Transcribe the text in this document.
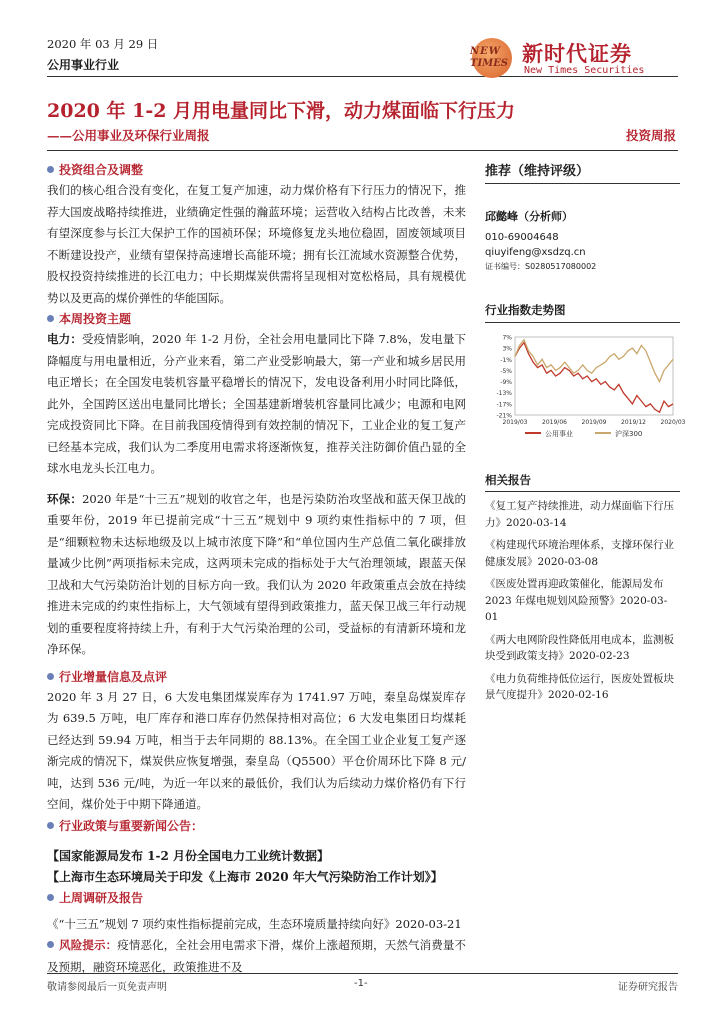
2020 年 03 月 29 日
公用事业行业
NEW
TIMES 新时代证券
New Times Securities
2020 年 1-2 月用电量同比下滑，动力煤面临下行压力
——公用事业及环保行业周报	投资周报

投资组合及调整

我们的核心组合没有变化，在复工复产加速，动力煤价格有下行压力的情况下，推荐大国废战略持续推进，业绩确定性强的瀚蓝环境；运营收入结构占比改善，未来有望深度参与长江大保护工作的国祯环保；环境修复龙头地位稳固，固废领域项目不断建设投产，业绩有望保持高速增长高能环境；拥有长江流域水资源整合优势，股权投资持续推进的长江电力；中长期煤炭供需将呈现相对宽松格局，具有规模优势以及更高的煤价弹性的华能国际。

本周投资主题

电力：受疫情影响，2020 年 1-2 月份，全社会用电量同比下降 7.8%，发电量下降幅度与用电量相近，分产业来看，第二产业受影响最大，第一产业和城乡居民用电正增长；在全国发电装机容量平稳增长的情况下，发电设备利用小时同比降低，此外，全国跨区送出电量同比增长；全国基建新增装机容量同比减少；电源和电网完成投资同比下降。在目前我国疫情得到有效控制的情况下，工业企业的复工复产已经基本完成，我们认为二季度用电需求将逐渐恢复，推荐关注防御价值凸显的全球水电龙头长江电力。

环保：2020 年是“十三五”规划的收官之年，也是污染防治攻坚战和蓝天保卫战的重要年份，2019 年已提前完成“十三五”规划中 9 项约束性指标中的 7 项，但是“细颗粒物未达标地级及以上城市浓度下降”和“单位国内生产总值二氧化碳排放量减少比例”两项指标未完成，这两项未完成的指标处于大气治理领域，跟蓝天保卫战和大气污染防治计划的目标方向一致。我们认为 2020 年政策重点会放在持续推进未完成的约束性指标上，大气领域有望得到政策推力，蓝天保卫战三年行动规划的重要程度将持续上升，有利于大气污染治理的公司，受益标的有清新环境和龙净环保。

行业增量信息及点评

2020 年 3 月 27 日，6 大发电集团煤炭库存为 1741.97 万吨，秦皇岛煤炭库存为 639.5 万吨，电厂库存和港口库存仍然保持相对高位；6 大发电集团日均煤耗已经达到 59.94 万吨，相当于去年同期的 88.13%。在全国工业企业复工复产逐渐完成的情况下，煤炭供应恢复增强，秦皇岛（Q5500）平仓价周环比下降 8 元/吨，达到 536 元/吨，为近一年以来的最低价，我们认为后续动力煤价格仍有下行空间，煤价处于中期下降通道。

行业政策与重要新闻公告：

【国家能源局发布 1-2 月份全国电力工业统计数据】

【上海市生态环境局关于印发《上海市 2020 年大气污染防治工作计划》】

上周调研及报告

《“十三五”规划 7 项约束性指标提前完成，生态环境质量持续向好》2020-03-21

风险提示：疫情恶化，全社会用电需求下滑，煤价上涨超预期，天然气消费量不及预期，融资环境恶化，政策推进不及

推荐（维持评级）

邱懿峰（分析师）
010-69004648
qiuyifeng@xsdzq.cn
证书编号：S0280517080002
行业指数走势图
7%
3%
-1%
-5%
-9%
-13%
-17%
-21%
2019/03 2019/06 2019/09 2019/12 2020/03
公用事业	沪深300
相关报告

《复工复产持续推进，动力煤面临下行压力》2020-03-14

《构建现代环境治理体系，支撑环保行业健康发展》2020-03-08

《医废处置再迎政策催化，能源局发布 2023 年煤电规划风险预警》2020-03-01

《两大电网阶段性降低用电成本，监测板块受到政策支持》2020-02-23

《电力负荷维持低位运行，医废处置板块景气度提升》2020-02-16

敬请参阅最后一页免责声明	-1-	证券研究报告
